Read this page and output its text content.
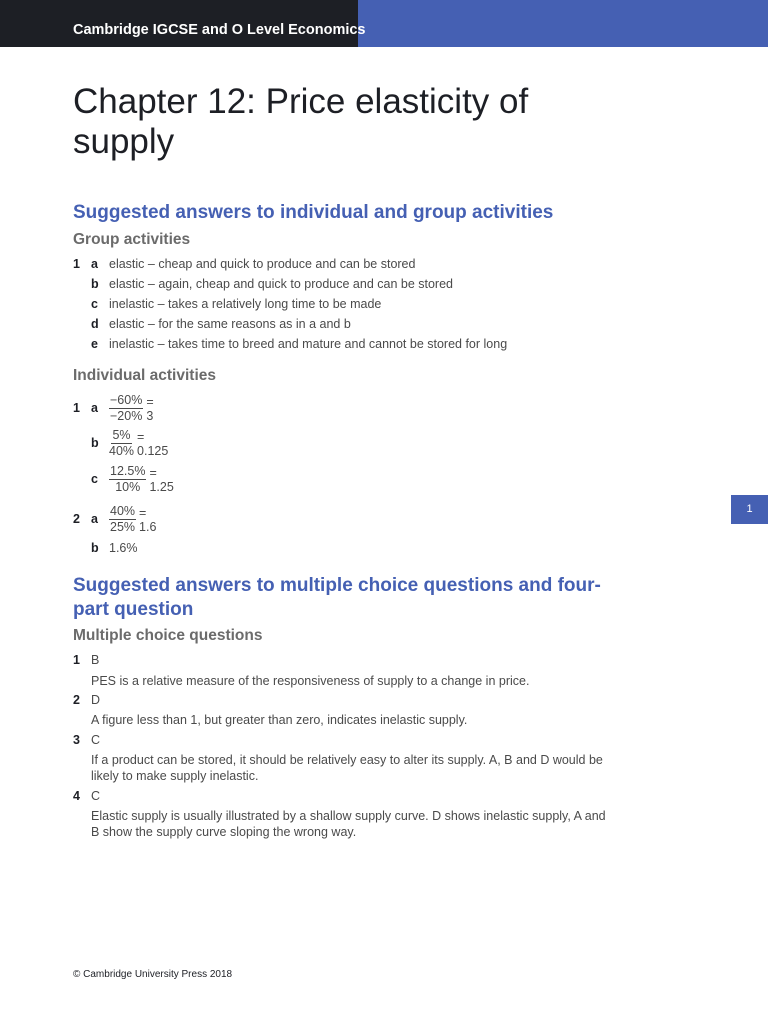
Cambridge IGCSE and O Level Economics
Chapter 12: Price elasticity of supply
Suggested answers to individual and group activities
Group activities
1 a elastic – cheap and quick to produce and can be stored
b elastic – again, cheap and quick to produce and can be stored
c inelastic – takes a relatively long time to be made
d elastic – for the same reasons as in a and b
e inelastic – takes time to breed and mature and cannot be stored for long
Individual activities
1 a $\frac{-60\%}{-20\%} = 3$
b $\frac{5\%}{40\%} = 0.125$
c $\frac{12.5\%}{10\%} = 1.25$
2 a $\frac{40\%}{25\%} = 1.6$
b 1.6%
Suggested answers to multiple choice questions and four-part question
Multiple choice questions
1 B
PES is a relative measure of the responsiveness of supply to a change in price.
2 D
A figure less than 1, but greater than zero, indicates inelastic supply.
3 C
If a product can be stored, it should be relatively easy to alter its supply. A, B and D would be likely to make supply inelastic.
4 C
Elastic supply is usually illustrated by a shallow supply curve. D shows inelastic supply, A and B show the supply curve sloping the wrong way.
1
© Cambridge University Press 2018
